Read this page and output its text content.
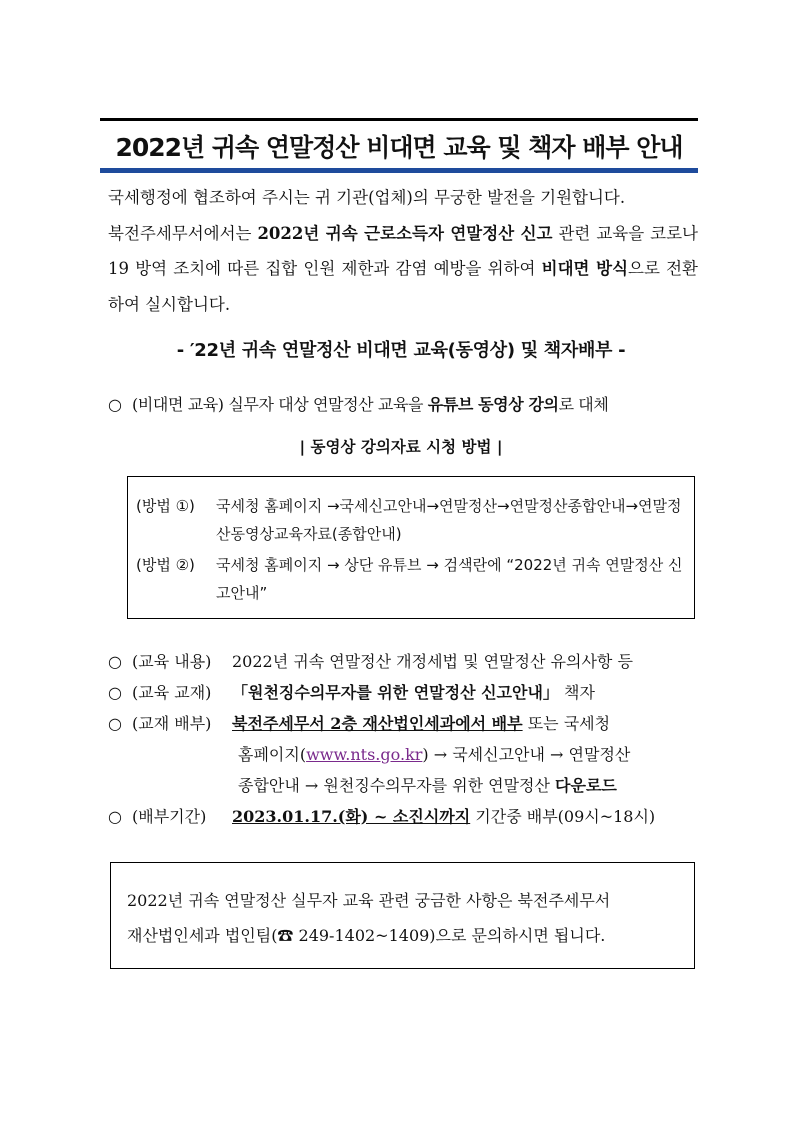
2022년 귀속 연말정산 비대면 교육 및 책자 배부 안내
국세행정에 협조하여 주시는 귀 기관(업체)의 무궁한 발전을 기원합니다.
북전주세무서에서는 2022년 귀속 근로소득자 연말정산 신고 관련 교육을 코로나19 방역 조치에 따른 집합 인원 제한과 감염 예방을 위하여 비대면 방식으로 전환하여 실시합니다.
- ′22년 귀속 연말정산 비대면 교육(동영상) 및 책자배부 -
○ (비대면 교육) 실무자 대상 연말정산 교육을 유튜브 동영상 강의로 대체
| 동영상 강의자료 시청 방법 |
(방법 ①) 국세청 홈페이지 →국세신고안내→연말정산→연말정산종합안내→연말정산동영상교육자료(종합안내)
(방법 ②) 국세청 홈페이지 → 상단 유튜브 → 검색란에 “2022년 귀속 연말정산 신고안내”
○ (교육 내용) 2022년 귀속 연말정산 개정세법 및 연말정산 유의사항 등
○ (교육 교재) 「원천징수의무자를 위한 연말정산 신고안내」 책자
○ (교재 배부) 북전주세무서 2층 재산법인세과에서 배부 또는 국세청
홈페이지(www.nts.go.kr) → 국세신고안내 → 연말정산
종합안내 → 원천징수의무자를 위한 연말정산 다운로드
○ (배부기간) 2023.01.17.(화) ~ 소진시까지 기간중 배부(09시~18시)
2022년 귀속 연말정산 실무자 교육 관련 궁금한 사항은 북전주세무서
재산법인세과 법인팀(☎ 249-1402~1409)으로 문의하시면 됩니다.
